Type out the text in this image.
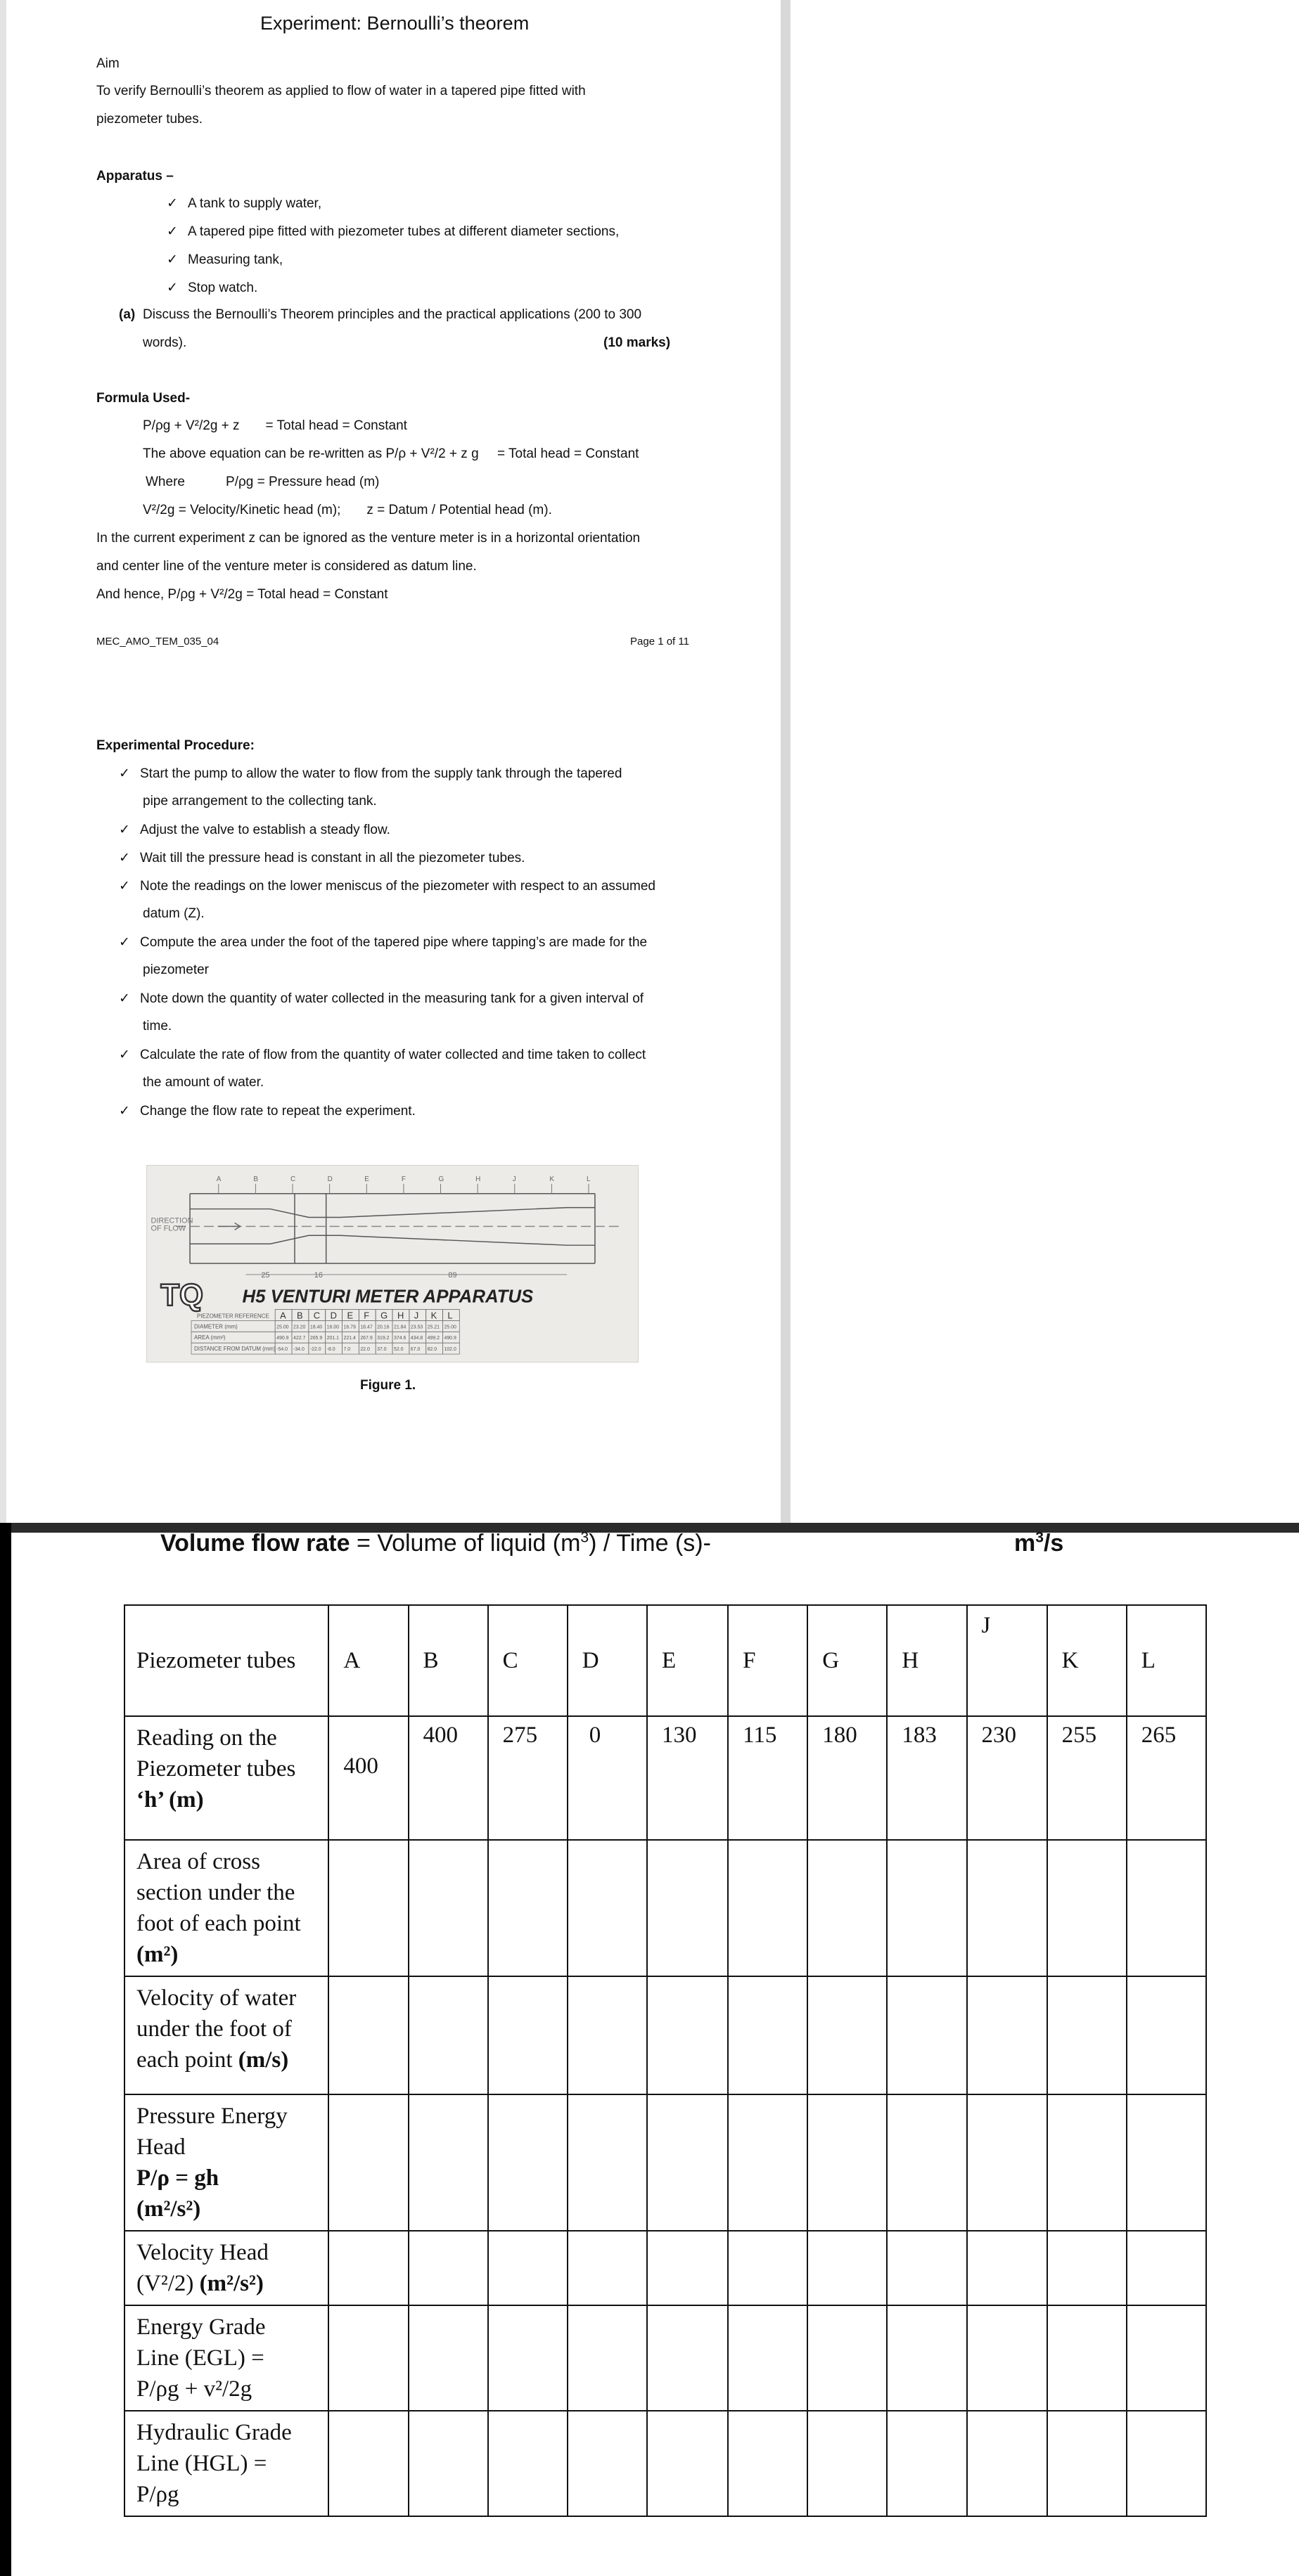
Experiment: Bernoulli’s theorem
Aim
To verify Bernoulli’s theorem as applied to flow of water in a tapered pipe fitted with
piezometer tubes.
Apparatus –
✓ A tank to supply water,
✓ A tapered pipe fitted with piezometer tubes at different diameter sections,
✓ Measuring tank,
✓ Stop watch.
(a) Discuss the Bernoulli’s Theorem principles and the practical applications (200 to 300
words).	(10 marks)
Formula Used-
P/ρg + V²/2g + z       = Total head = Constant
The above equation can be re-written as P/ρ + V²/2 + z g     = Total head = Constant
Where           P/ρg = Pressure head (m)
V²/2g = Velocity/Kinetic head (m);       z = Datum / Potential head (m).
In the current experiment z can be ignored as the venture meter is in a horizontal orientation
and center line of the venture meter is considered as datum line.
And hence, P/ρg + V²/2g = Total head = Constant
MEC_AMO_TEM_035_04	Page 1 of 11
Experimental Procedure:
✓ Start the pump to allow the water to flow from the supply tank through the tapered
pipe arrangement to the collecting tank.
✓ Adjust the valve to establish a steady flow.
✓ Wait till the pressure head is constant in all the piezometer tubes.
✓ Note the readings on the lower meniscus of the piezometer with respect to an assumed
datum (Z).
✓ Compute the area under the foot of the tapered pipe where tapping’s are made for the
piezometer
✓ Note down the quantity of water collected in the measuring tank for a given interval of
time.
✓ Calculate the rate of flow from the quantity of water collected and time taken to collect
the amount of water.
✓ Change the flow rate to repeat the experiment.
A	B	C	D	E	F	G	H	J	K	L
DIRECTION OF FLOW
25	16	89
TQ H5 VENTURI METER APPARATUS
PIEZOMETER REFERENCE A B C D E F G H J K L
DIAMETER (mm)	25.00 23.20 18.40 16.00 16.79 18.47 20.16 21.84 23.53 25.21 25.00
AREA (mm²)	490.9 422.7 265.9 201.1 221.4 267.9 319.2 374.6 434.8 499.2 490.9
DISTANCE FROM DATUM (mm) -54.0 -34.0 -22.0 -8.0 7.0 22.0 37.0 52.0 67.0 82.0 102.0
Figure 1.
Volume flow rate = Volume of liquid $(m^3)$ / Time (s)-	$m^3/s$
Piezometer tubes	A	B	C	D	E	F	G	H	J	K	L

Reading on the
Piezometer tubes
‘h’ (m)	400	400	275	0	130	115	180	183	230	255	265

Area of cross
section under the
foot of each point
(m²)											

Velocity of water
under the foot of
each point (m/s)											

Pressure Energy
Head
P/ρ = gh
(m²/s²)											

Velocity Head
(V²/2) (m²/s²)											

Energy Grade
Line (EGL) =
P/ρg + v²/2g											

Hydraulic Grade
Line (HGL) =
P/ρg											
